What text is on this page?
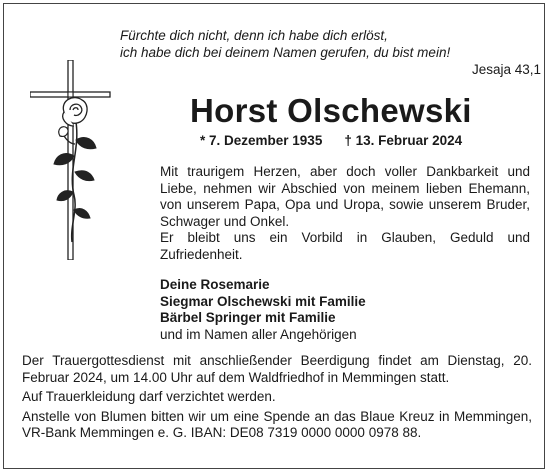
Fürchte dich nicht, denn ich habe dich erlöst,
ich habe dich bei deinem Namen gerufen, du bist mein!
Jesaja 43,1
Horst Olschewski
* 7. Dezember 1935 † 13. Februar 2024

Mit traurigem Herzen, aber doch voller Dankbarkeit und Liebe, nehmen wir Abschied von meinem lieben Ehemann, von unserem Papa, Opa und Uropa, sowie unserem Bruder, Schwager und Onkel.

Er bleibt uns ein Vorbild in Glauben, Geduld und Zufriedenheit.

Deine Rosemarie
Siegmar Olschewski mit Familie
Bärbel Springer mit Familie
und im Namen aller Angehörigen

Der Trauergottesdienst mit anschließender Beerdigung findet am Dienstag, 20. Februar 2024, um 14.00 Uhr auf dem Waldfriedhof in Memmingen statt.

Auf Trauerkleidung darf verzichtet werden.

Anstelle von Blumen bitten wir um eine Spende an das Blaue Kreuz in Memmingen, VR-Bank Memmingen e. G. IBAN: DE08 7319 0000 0000 0978 88.
